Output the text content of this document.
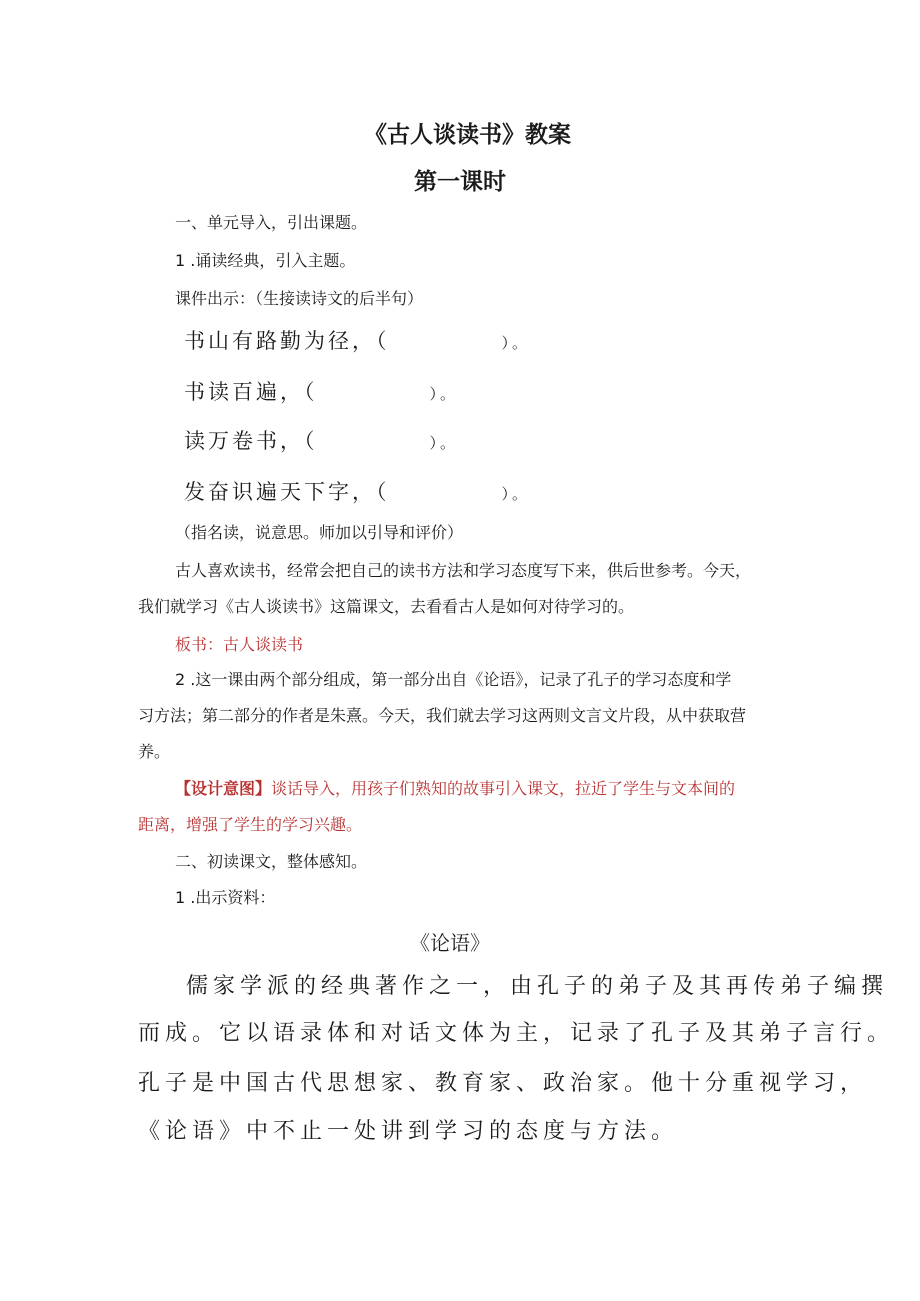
《古人谈读书》教案
第一课时
一、单元导入，引出课题。
1 .诵读经典，引入主题。
课件出示：（生接读诗文的后半句）
书山有路勤为径，（	）。
书读百遍，（	）。
读万卷书，（	）。
发奋识遍天下字，（	）。
（指名读，说意思。师加以引导和评价）
古人喜欢读书，经常会把自己的读书方法和学习态度写下来，供后世参考。今天，
我们就学习《古人谈读书》这篇课文，去看看古人是如何对待学习的。
板书：古人谈读书
2 .这一课由两个部分组成，第一部分出自《论语》，记录了孔子的学习态度和学
习方法；第二部分的作者是朱熹。今天，我们就去学习这两则文言文片段，从中获取营
养。
【设计意图】谈话导入，用孩子们熟知的故事引入课文，拉近了学生与文本间的
距离，增强了学生的学习兴趣。
二、初读课文，整体感知。
1 .出示资料：
《论语》
儒家学派的经典著作之一，由孔子的弟子及其再传弟子编撰
而成。它以语录体和对话文体为主，记录了孔子及其弟子言行。
孔子是中国古代思想家、教育家、政治家。他十分重视学习，
《论语》中不止一处讲到学习的态度与方法。
